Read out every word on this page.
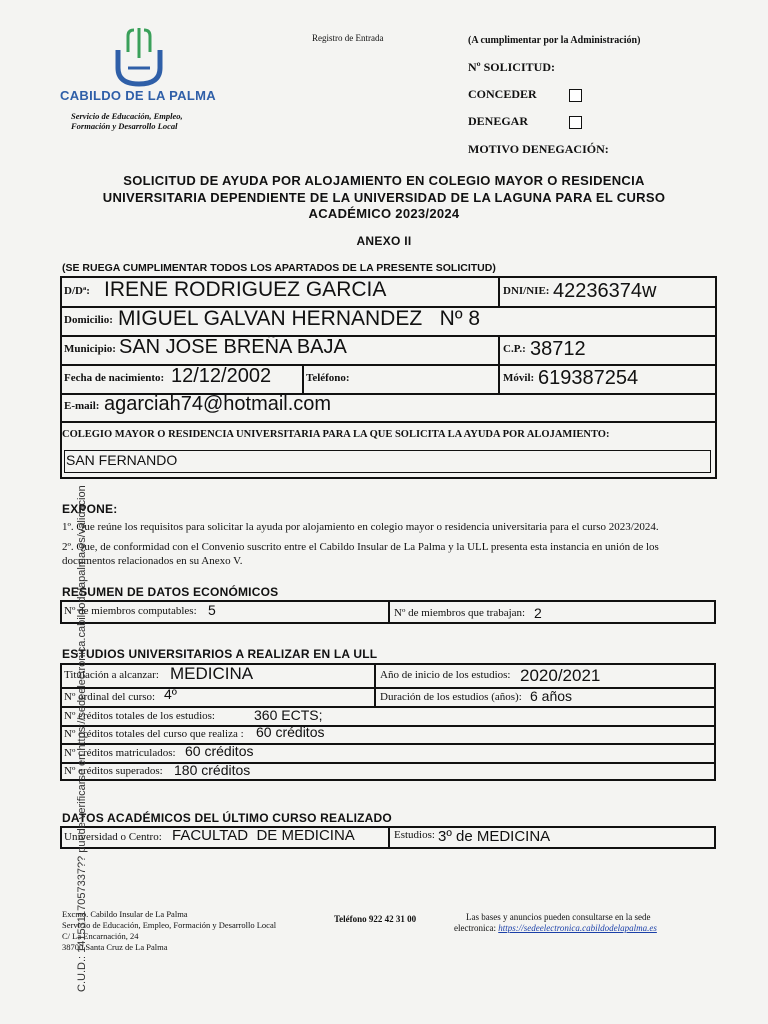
CABILDO DE LA PALMA
Servicio de Educación, Empleo,
Formación y Desarrollo Local
Registro de Entrada	(A cumplimentar por la Administración)
Nº SOLICITUD:
CONCEDER
DENEGAR
MOTIVO DENEGACIÓN:
SOLICITUD DE AYUDA POR ALOJAMIENTO EN COLEGIO MAYOR O RESIDENCIA
UNIVERSITARIA DEPENDIENTE DE LA UNIVERSIDAD DE LA LAGUNA PARA EL CURSO
ACADÉMICO 2023/2024
ANEXO II
(SE RUEGA CUMPLIMENTAR TODOS LOS APARTADOS DE LA PRESENTE SOLICITUD)
D/Dª: IRENE RODRIGUEZ GARCIA	DNI/NIE: 42236374w
Domicilio: MIGUEL GALVAN HERNANDEZ   Nº 8
Municipio: SAN JOSE BREÑA BAJA	C.P.: 38712
Fecha de nacimiento: 12/12/2002	Teléfono:	Móvil: 619387254
E-mail: agarciah74@hotmail.com
COLEGIO MAYOR O RESIDENCIA UNIVERSITARIA PARA LA QUE SOLICITA LA AYUDA POR ALOJAMIENTO:
SAN FERNANDO
EXPONE:
1º. Que reúne los requisitos para solicitar la ayuda por alojamiento en colegio mayor o residencia universitaria para el curso 2023/2024.
2º. Que, de conformidad con el Convenio suscrito entre el Cabildo Insular de La Palma y la ULL presenta esta instancia en unión de los
documentos relacionados en su Anexo V.
RESUMEN DE DATOS ECONÓMICOS
Nº de miembros computables: 5	Nº de miembros que trabajan: 2
ESTUDIOS UNIVERSITARIOS A REALIZAR EN LA ULL
Titulación a alcanzar: MEDICINA	Año de inicio de los estudios: 2020/2021
Nº ordinal del curso: 4º	Duración de los estudios (años): 6 años
Nº créditos totales de los estudios:	360 ECTS;
Nº créditos totales del curso que realiza : 60 créditos
Nº créditos matriculados: 60 créditos
Nº créditos superados: 180 créditos
DATOS ACADÉMICOS DEL ÚLTIMO CURSO REALIZADO
Universidad o Centro: FACULTAD  DE MEDICINA	Estudios: 3º de MEDICINA
Excmo. Cabildo Insular de La Palma
Servicio de Educación, Empleo, Formación y Desarrollo Local
C/ La Encarnación, 24
38700 Santa Cruz de La Palma
Teléfono 922 42 31 00	Las bases y anuncios pueden consultarse en la sede
electronica: https://sedeelectronica.cabildodelapalma.es
C.U.D.: 14153117057337?? puede verificarse en https://sedeelectronica.cabildodelapalma.es/validacion
